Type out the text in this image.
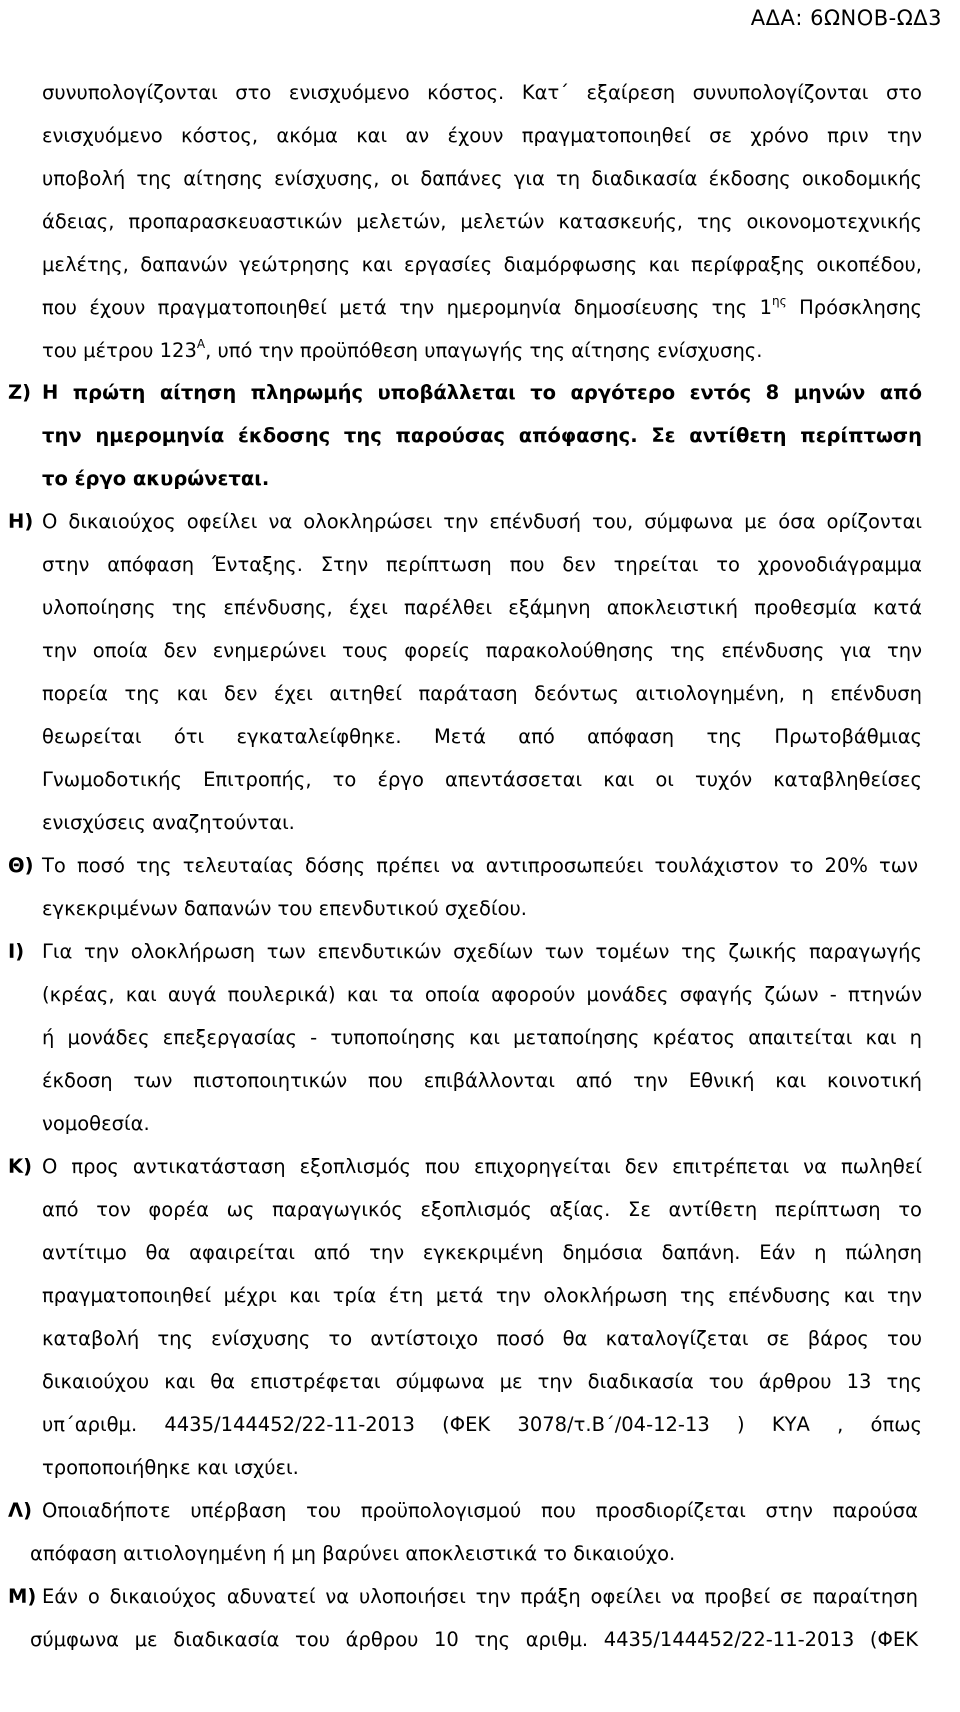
ΑΔΑ: 6ΩΝΟΒ-ΩΔ3
συνυπολογίζονται στο ενισχυόμενο κόστος. Κατ΄ εξαίρεση συνυπολογίζονται στο
ενισχυόμενο κόστος, ακόμα και αν έχουν πραγματοποιηθεί σε χρόνο πριν την
υποβολή της αίτησης ενίσχυσης, οι δαπάνες για τη διαδικασία έκδοσης οικοδομικής
άδειας, προπαρασκευαστικών μελετών, μελετών κατασκευής, της οικονομοτεχνικής
μελέτης, δαπανών γεώτρησης και εργασίες διαμόρφωσης και περίφραξης οικοπέδου,
που έχουν πραγματοποιηθεί μετά την ημερομηνία δημοσίευσης της $1^{\eta\varsigma}$ Πρόσκλησης
του μέτρου $123^A$, υπό την προϋπόθεση υπαγωγής της αίτησης ενίσχυσης.
Ζ) Η πρώτη αίτηση πληρωμής υποβάλλεται το αργότερο εντός 8 μηνών από
την ημερομηνία έκδοσης της παρούσας απόφασης. Σε αντίθετη περίπτωση
το έργο ακυρώνεται.
Η) Ο δικαιούχος οφείλει να ολοκληρώσει την επένδυσή του, σύμφωνα με όσα ορίζονται
στην απόφαση Ένταξης. Στην περίπτωση που δεν τηρείται το χρονοδιάγραμμα
υλοποίησης της επένδυσης, έχει παρέλθει εξάμηνη αποκλειστική προθεσμία κατά
την οποία δεν ενημερώνει τους φορείς παρακολούθησης της επένδυσης για την
πορεία της και δεν έχει αιτηθεί παράταση δεόντως αιτιολογημένη, η επένδυση
θεωρείται ότι εγκαταλείφθηκε. Μετά από απόφαση της Πρωτοβάθμιας
Γνωμοδοτικής Επιτροπής, το έργο απεντάσσεται και οι τυχόν καταβληθείσες
ενισχύσεις αναζητούνται.
Θ) Το ποσό της τελευταίας δόσης πρέπει να αντιπροσωπεύει τουλάχιστον το 20% των
εγκεκριμένων δαπανών του επενδυτικού σχεδίου.
Ι) Για την ολοκλήρωση των επενδυτικών σχεδίων των τομέων της ζωικής παραγωγής
(κρέας, και αυγά πουλερικά) και τα οποία αφορούν μονάδες σφαγής ζώων - πτηνών
ή μονάδες επεξεργασίας - τυποποίησης και μεταποίησης κρέατος απαιτείται και η
έκδοση των πιστοποιητικών που επιβάλλονται από την Εθνική και κοινοτική
νομοθεσία.
Κ) Ο προς αντικατάσταση εξοπλισμός που επιχορηγείται δεν επιτρέπεται να πωληθεί
από τον φορέα ως παραγωγικός εξοπλισμός αξίας. Σε αντίθετη περίπτωση το
αντίτιμο θα αφαιρείται από την εγκεκριμένη δημόσια δαπάνη. Εάν η πώληση
πραγματοποιηθεί μέχρι και τρία έτη μετά την ολοκλήρωση της επένδυσης και την
καταβολή της ενίσχυσης το αντίστοιχο ποσό θα καταλογίζεται σε βάρος του
δικαιούχου και θα επιστρέφεται σύμφωνα με την διαδικασία του άρθρου 13 της
υπ΄αριθμ. 4435/144452/22-11-2013 (ΦΕΚ 3078/τ.Β΄/04-12-13 ) ΚΥΑ , όπως
τροποποιήθηκε και ισχύει.
Λ) Οποιαδήποτε υπέρβαση του προϋπολογισμού που προσδιορίζεται στην παρούσα
απόφαση αιτιολογημένη ή μη βαρύνει αποκλειστικά το δικαιούχο.
Μ) Εάν ο δικαιούχος αδυνατεί να υλοποιήσει την πράξη οφείλει να προβεί σε παραίτηση
σύμφωνα με διαδικασία του άρθρου 10 της αριθμ. 4435/144452/22-11-2013 (ΦΕΚ
